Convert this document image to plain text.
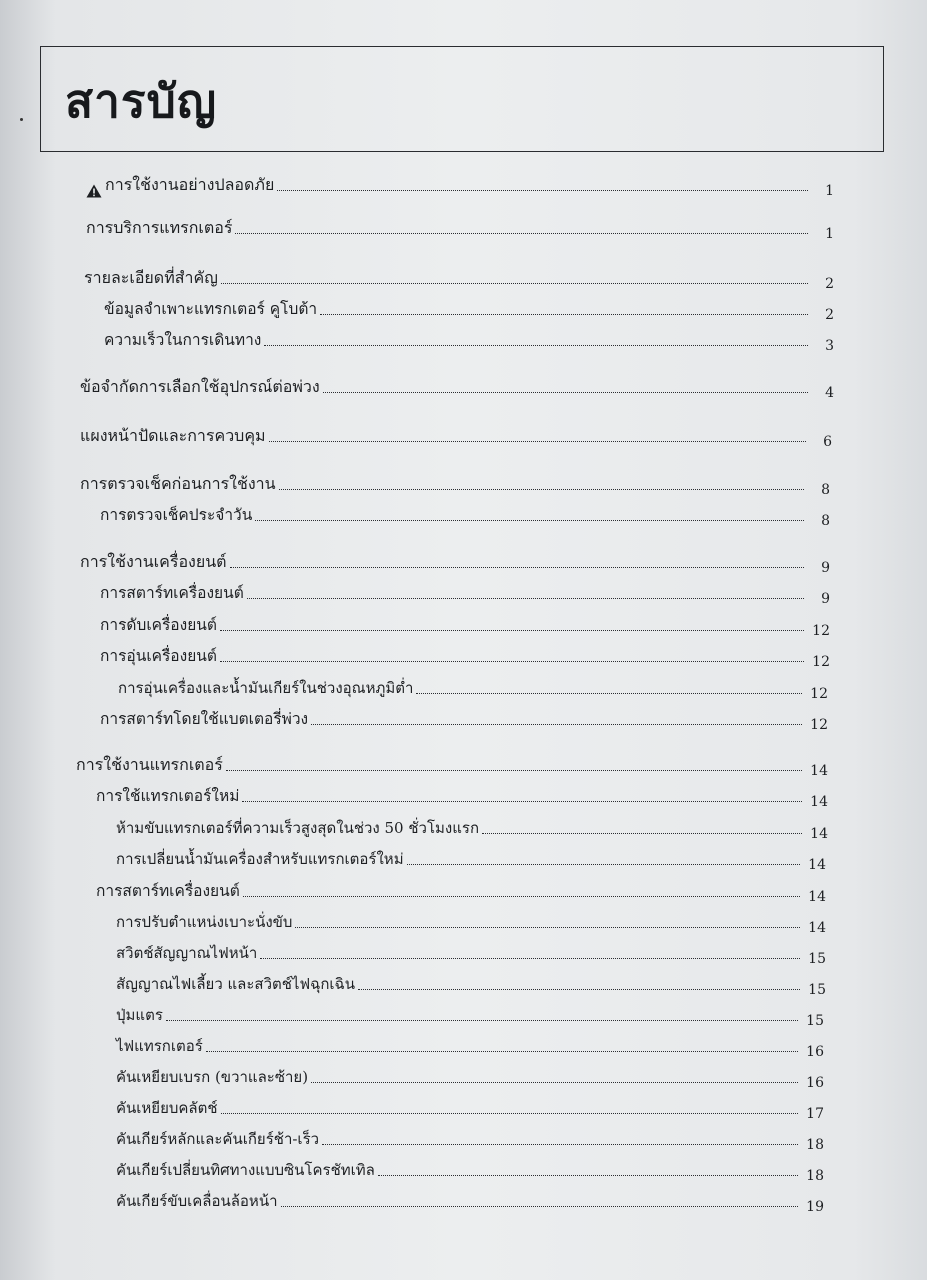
สารบัญ
การใช้งานอย่างปลอดภัย	1
การบริการแทรกเตอร์	1
รายละเอียดที่สำคัญ	2
ข้อมูลจำเพาะแทรกเตอร์ คูโบต้า	2
ความเร็วในการเดินทาง	3
ข้อจำกัดการเลือกใช้อุปกรณ์ต่อพ่วง	4
แผงหน้าปัดและการควบคุม	6
การตรวจเช็คก่อนการใช้งาน	8
การตรวจเช็คประจำวัน	8
การใช้งานเครื่องยนต์	9
การสตาร์ทเครื่องยนต์	9
การดับเครื่องยนต์	12
การอุ่นเครื่องยนต์	12
การอุ่นเครื่องและน้ำมันเกียร์ในช่วงอุณหภูมิต่ำ	12
การสตาร์ทโดยใช้แบตเตอรี่พ่วง	12
การใช้งานแทรกเตอร์	14
การใช้แทรกเตอร์ใหม่	14
ห้ามขับแทรกเตอร์ที่ความเร็วสูงสุดในช่วง 50 ชั่วโมงแรก	14
การเปลี่ยนน้ำมันเครื่องสำหรับแทรกเตอร์ใหม่	14
การสตาร์ทเครื่องยนต์	14
การปรับตำแหน่งเบาะนั่งขับ	14
สวิตช์สัญญาณไฟหน้า	15
สัญญาณไฟเลี้ยว และสวิตช์ไฟฉุกเฉิน	15
ปุ่มแตร	15
ไฟแทรกเตอร์	16
คันเหยียบเบรก (ขวาและซ้าย)	16
คันเหยียบคลัตช์	17
คันเกียร์หลักและคันเกียร์ช้า-เร็ว	18
คันเกียร์เปลี่ยนทิศทางแบบซินโครชัทเทิล	18
คันเกียร์ขับเคลื่อนล้อหน้า	19
